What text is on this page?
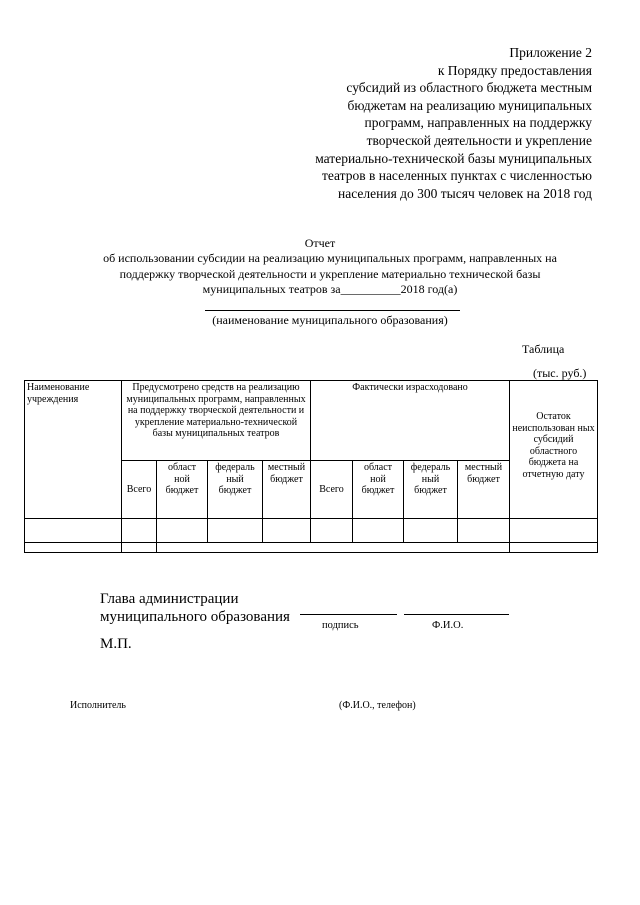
Приложение 2
к Порядку предоставления
субсидий из областного бюджета местным
бюджетам на реализацию муниципальных
программ, направленных на поддержку
творческой деятельности и укрепление
материально-технической базы муниципальных
театров в населенных пунктах с численностью
населения до 300 тысяч человек на 2018 год
Отчет
об использовании субсидии на реализацию муниципальных программ, направленных на
поддержку творческой деятельности и укрепление материально технической базы
муниципальных театров за__________2018 год(а)
(наименование муниципального образования)
Таблица
(тыс. руб.)
Наименование учреждения	Предусмотрено средств на реализацию муниципальных программ, направленных на поддержку творческой деятельности и укрепление материально-технической базы муниципальных театров				Фактически израсходовано				Остаток неиспользован ных субсидий областного бюджета на отчетную дату
	Всего	област ной бюджет	федераль ный бюджет	местный бюджет	Всего	област ной бюджет	федераль ный бюджет	местный бюджет	

Глава администрации
муниципального образования
подпись	Ф.И.О.
М.П.
Исполнитель	(Ф.И.О., телефон)
